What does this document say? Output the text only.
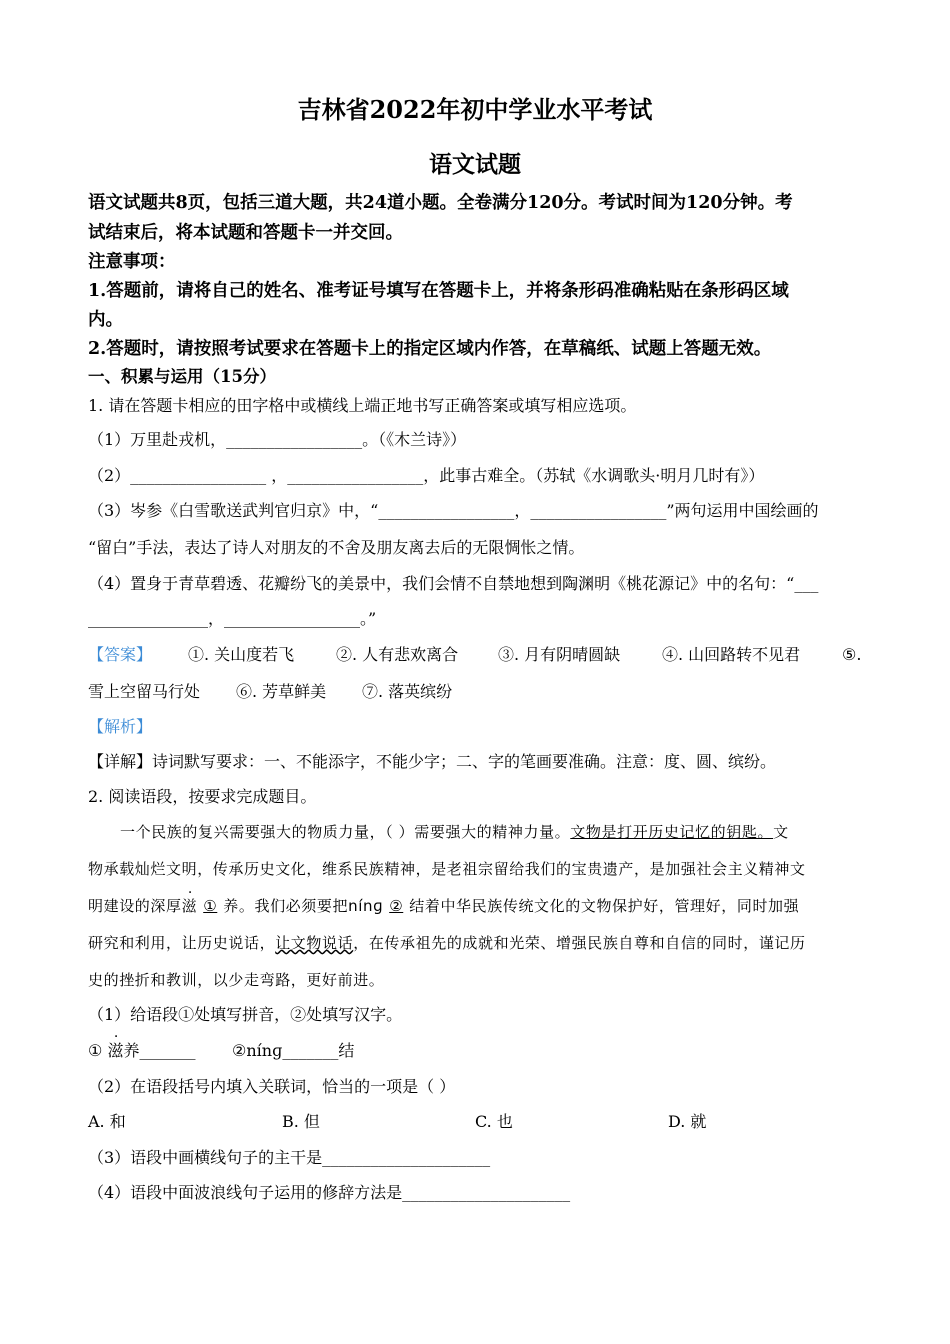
吉林省2022年初中学业水平考试
语文试题
语文试题共8页，包括三道大题，共24道小题。全卷满分120分。考试时间为120分钟。考
试结束后，将本试题和答题卡一并交回。
注意事项：
1.答题前，请将自己的姓名、准考证号填写在答题卡上，并将条形码准确粘贴在条形码区域
内。
2.答题时，请按照考试要求在答题卡上的指定区域内作答，在草稿纸、试题上答题无效。
一、积累与运用（15分）
1. 请在答题卡相应的田字格中或横线上端正地书写正确答案或填写相应选项。
（1）万里赴戎机，_________________。（《木兰诗》）
（2）_________________ ，_________________，此事古难全。（苏轼《水调歌头·明月几时有》）
（3）岑参《白雪歌送武判官归京》中，“_________________，_________________”两句运用中国绘画的
“留白”手法，表达了诗人对朋友的不舍及朋友离去后的无限惆怅之情。
（4）置身于青草碧透、花瓣纷飞的美景中，我们会情不自禁地想到陶渊明《桃花源记》中的名句：“___
_______________，_________________。”
【答案】 ①. 关山度若飞	②. 人有悲欢离合 ③. 月有阴晴圆缺	④. 山回路转不见君	⑤.
雪上空留马行处 ⑥. 芳草鲜美 ⑦. 落英缤纷
【解析】
【详解】诗词默写要求：一、不能添字，不能少字；二、字的笔画要准确。注意：度、圆、缤纷。
2. 阅读语段，按要求完成题目。
一个民族的复兴需要强大的物质力量，（ ）需要强大的精神力量。文物是打开历史记忆的钥匙。文
物承载灿烂文明，传承历史文化，维系民族精神，是老祖宗留给我们的宝贵遗产，是加强社会主义精神文
明建设的深厚滋 ① 养。我们必须要把nínɡ ② 结着中华民族传统文化的文物保护好，管理好，同时加强
研究和利用，让历史说话，让文物说话，在传承祖先的成就和光荣、增强民族自尊和自信的同时，谨记历
史的挫折和教训，以少走弯路，更好前进。
（1）给语段①处填写拼音，②处填写汉字。
① 滋养_______ ②nínɡ_______结
（2）在语段括号内填入关联词，恰当的一项是（ ）
A. 和	B. 但	C. 也	D. 就
（3）语段中画横线句子的主干是_____________________
（4）语段中面波浪线句子运用的修辞方法是_____________________
